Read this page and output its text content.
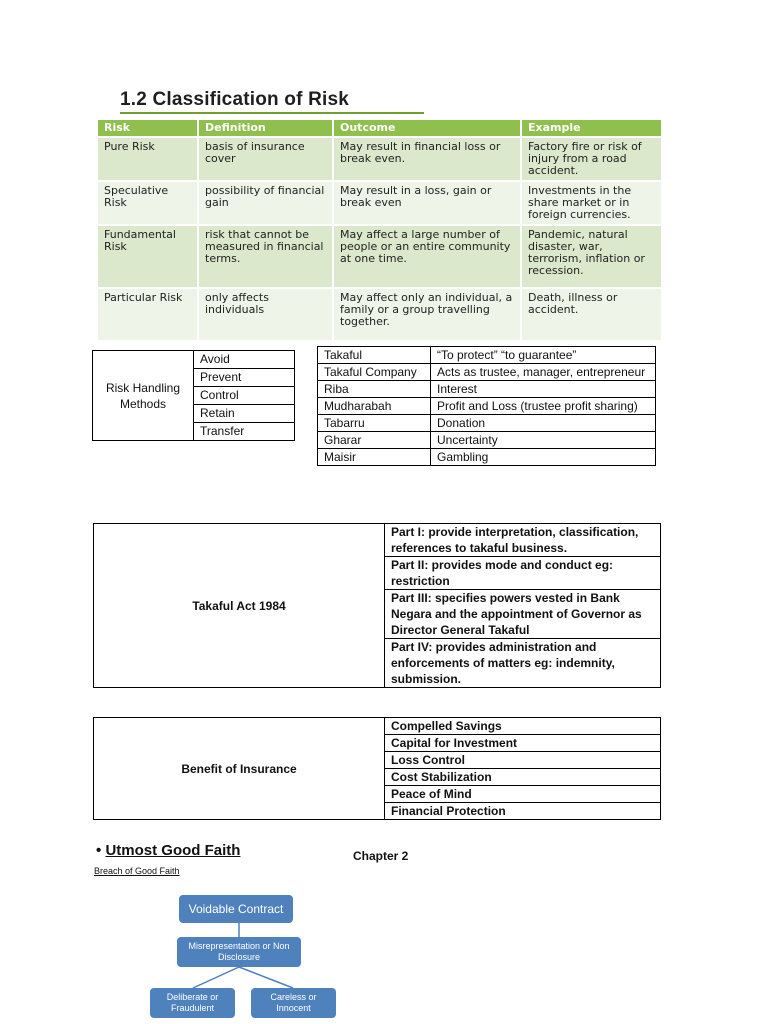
1.2 Classification of Risk
Risk	Definition	Outcome	Example
Pure Risk	basis of insurance cover	May result in financial loss or break even.	Factory fire or risk of injury from a road accident.
Speculative Risk	possibility of financial gain	May result in a loss, gain or break even	Investments in the share market or in foreign currencies.
Fundamental Risk	risk that cannot be measured in financial terms.	May affect a large number of people or an entire community at one time.	Pandemic, natural disaster, war, terrorism, inflation or recession.
Particular Risk	only affects individuals	May affect only an individual, a family or a group travelling together.	Death, illness or accident.
Risk Handling Methods	Avoid
Prevent
Control
Retain
Transfer
Takaful	“To protect” “to guarantee”
Takaful Company	Acts as trustee, manager, entrepreneur
Riba	Interest
Mudharabah	Profit and Loss (trustee profit sharing)
Tabarru	Donation
Gharar	Uncertainty
Maisir	Gambling
Takaful Act 1984	Part I: provide interpretation, classification, references to takaful business.
Part II: provides mode and conduct eg: restriction
Part III: specifies powers vested in Bank Negara and the appointment of Governor as Director General Takaful
Part IV: provides administration and enforcements of matters eg: indemnity, submission.
Benefit of Insurance	Compelled Savings
Capital for Investment
Loss Control
Cost Stabilization
Peace of Mind
Financial Protection
• Utmost Good Faith
Breach of Good Faith
Chapter 2
Voidable Contract
Misrepresentation or Non Disclosure
Deliberate or Fraudulent
Careless or Innocent
